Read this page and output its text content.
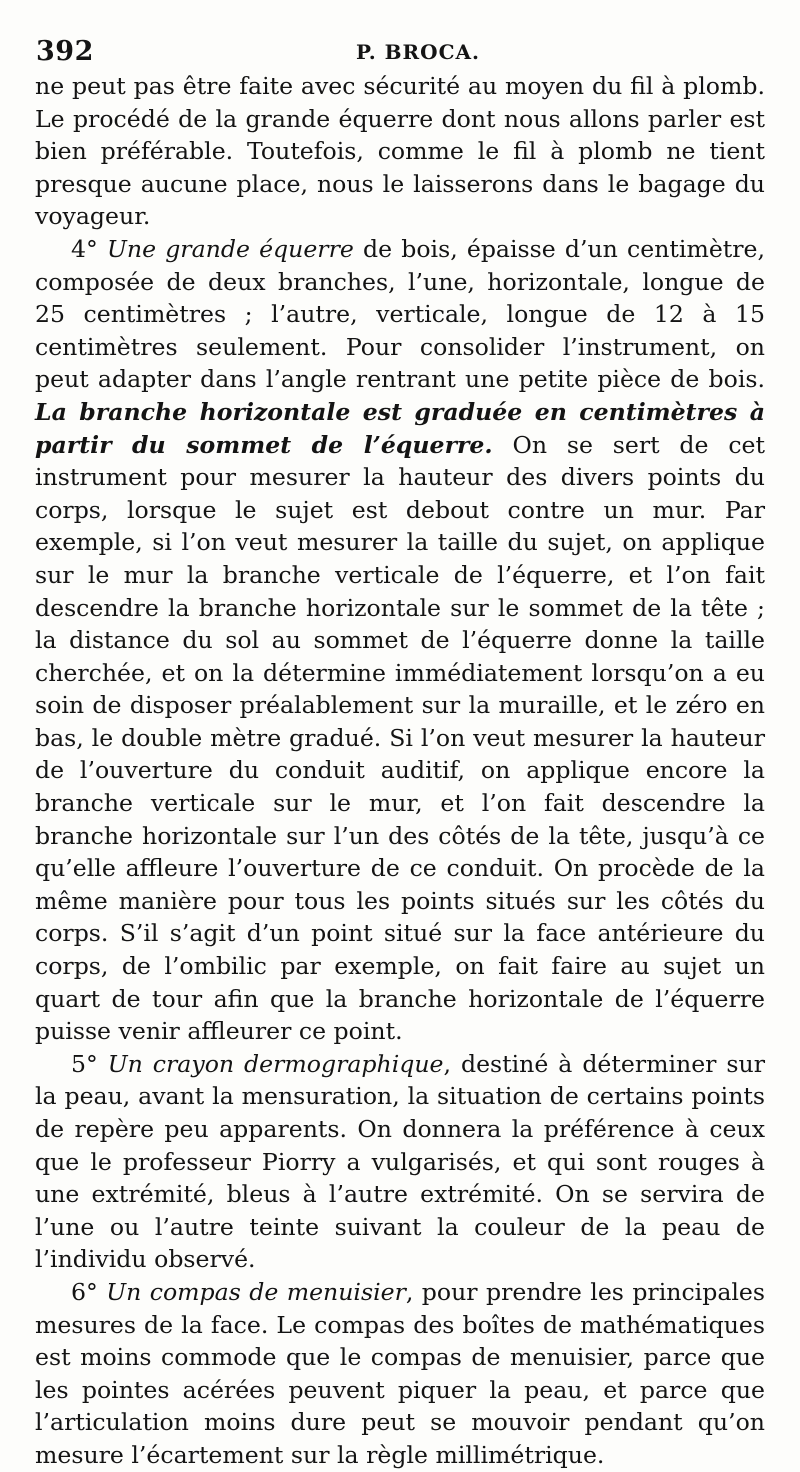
392	P. BROCA.

ne peut pas être faite avec sécurité au moyen du fil à plomb. Le procédé de la grande équerre dont nous allons parler est bien préférable. Toutefois, comme le fil à plomb ne tient presque aucune place, nous le laisserons dans le bagage du voyageur.

4° Une grande équerre de bois, épaisse d’un centimètre, composée de deux branches, l’une, horizontale, longue de 25 centimètres ; l’autre, verticale, longue de 12 à 15 centimètres seulement. Pour consolider l’instrument, on peut adapter dans l’angle rentrant une petite pièce de bois. La branche horizontale est graduée en centimètres à partir du sommet de l’équerre. On se sert de cet instrument pour mesurer la hauteur des divers points du corps, lorsque le sujet est debout contre un mur. Par exemple, si l’on veut mesurer la taille du sujet, on applique sur le mur la branche verticale de l’équerre, et l’on fait descendre la branche horizontale sur le sommet de la tête ; la distance du sol au sommet de l’équerre donne la taille cherchée, et on la détermine immédiatement lorsqu’on a eu soin de disposer préalablement sur la muraille, et le zéro en bas, le double mètre gradué. Si l’on veut mesurer la hauteur de l’ouverture du conduit auditif, on applique encore la branche verticale sur le mur, et l’on fait descendre la branche horizontale sur l’un des côtés de la tête, jusqu’à ce qu’elle affleure l’ouverture de ce conduit. On procède de la même manière pour tous les points situés sur les côtés du corps. S’il s’agit d’un point situé sur la face antérieure du corps, de l’ombilic par exemple, on fait faire au sujet un quart de tour afin que la branche horizontale de l’équerre puisse venir affleurer ce point.

5° Un crayon dermographique, destiné à déterminer sur la peau, avant la mensuration, la situation de certains points de repère peu apparents. On donnera la préférence à ceux que le professeur Piorry a vulgarisés, et qui sont rouges à une extrémité, bleus à l’autre extrémité. On se servira de l’une ou l’autre teinte suivant la couleur de la peau de l’individu observé.

6° Un compas de menuisier, pour prendre les principales mesures de la face. Le compas des boîtes de mathématiques est moins commode que le compas de menuisier, parce que les pointes acérées peuvent piquer la peau, et parce que l’articulation moins dure peut se mouvoir pendant qu’on mesure l’écartement sur la règle millimétrique.
